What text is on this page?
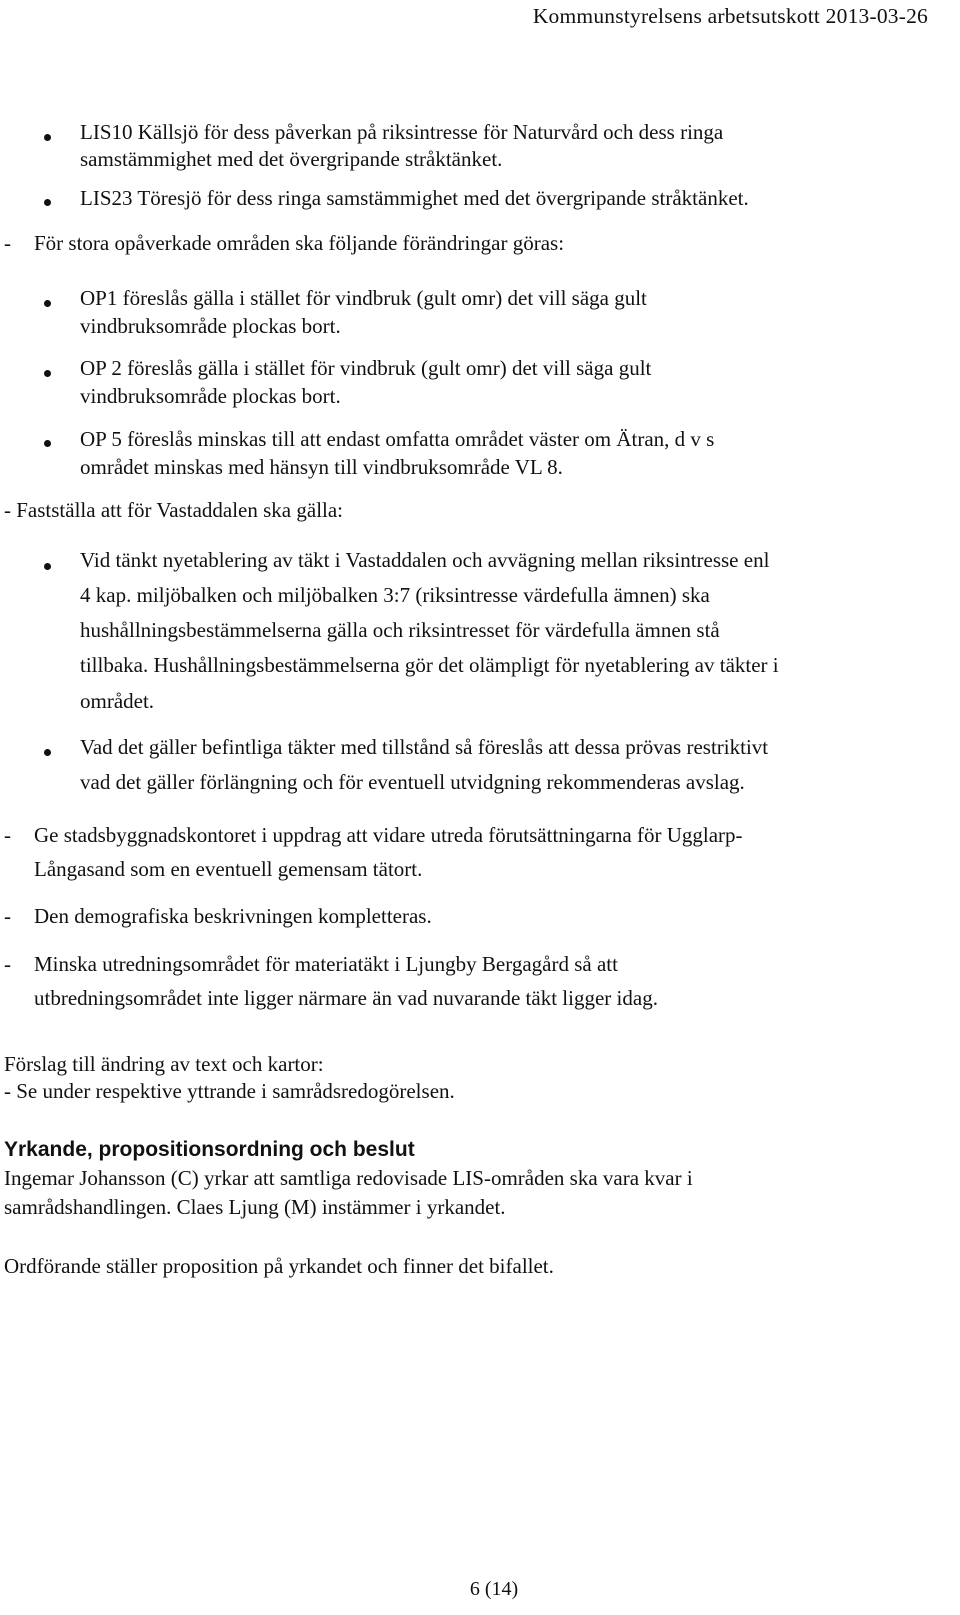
Kommunstyrelsens arbetsutskott 2013-03-26
LIS10 Källsjö för dess påverkan på riksintresse för Naturvård och dess ringa
samstämmighet med det övergripande stråktänket.
LIS23 Töresjö för dess ringa samstämmighet med det övergripande stråktänket.
- För stora opåverkade områden ska följande förändringar göras:
OP1 föreslås gälla i stället för vindbruk (gult omr) det vill säga gult
vindbruksområde plockas bort.
OP 2 föreslås gälla i stället för vindbruk (gult omr) det vill säga gult
vindbruksområde plockas bort.
OP 5 föreslås minskas till att endast omfatta området väster om Ätran, d v s
området minskas med hänsyn till vindbruksområde VL 8.
- Fastställa att för Vastaddalen ska gälla:
Vid tänkt nyetablering av täkt i Vastaddalen och avvägning mellan riksintresse enl
4 kap. miljöbalken och miljöbalken 3:7 (riksintresse värdefulla ämnen) ska
hushållningsbestämmelserna gälla och riksintresset för värdefulla ämnen stå
tillbaka. Hushållningsbestämmelserna gör det olämpligt för nyetablering av täkter i
området.
Vad det gäller befintliga täkter med tillstånd så föreslås att dessa prövas restriktivt
vad det gäller förlängning och för eventuell utvidgning rekommenderas avslag.
- Ge stadsbyggnadskontoret i uppdrag att vidare utreda förutsättningarna för Ugglarp-
Långasand som en eventuell gemensam tätort.
- Den demografiska beskrivningen kompletteras.
- Minska utredningsområdet för materiatäkt i Ljungby Bergagård så att
utbredningsområdet inte ligger närmare än vad nuvarande täkt ligger idag.
Förslag till ändring av text och kartor:
- Se under respektive yttrande i samrådsredogörelsen.
Yrkande, propositionsordning och beslut
Ingemar Johansson (C) yrkar att samtliga redovisade LIS-områden ska vara kvar i
samrådshandlingen. Claes Ljung (M) instämmer i yrkandet.
Ordförande ställer proposition på yrkandet och finner det bifallet.
6 (14)
